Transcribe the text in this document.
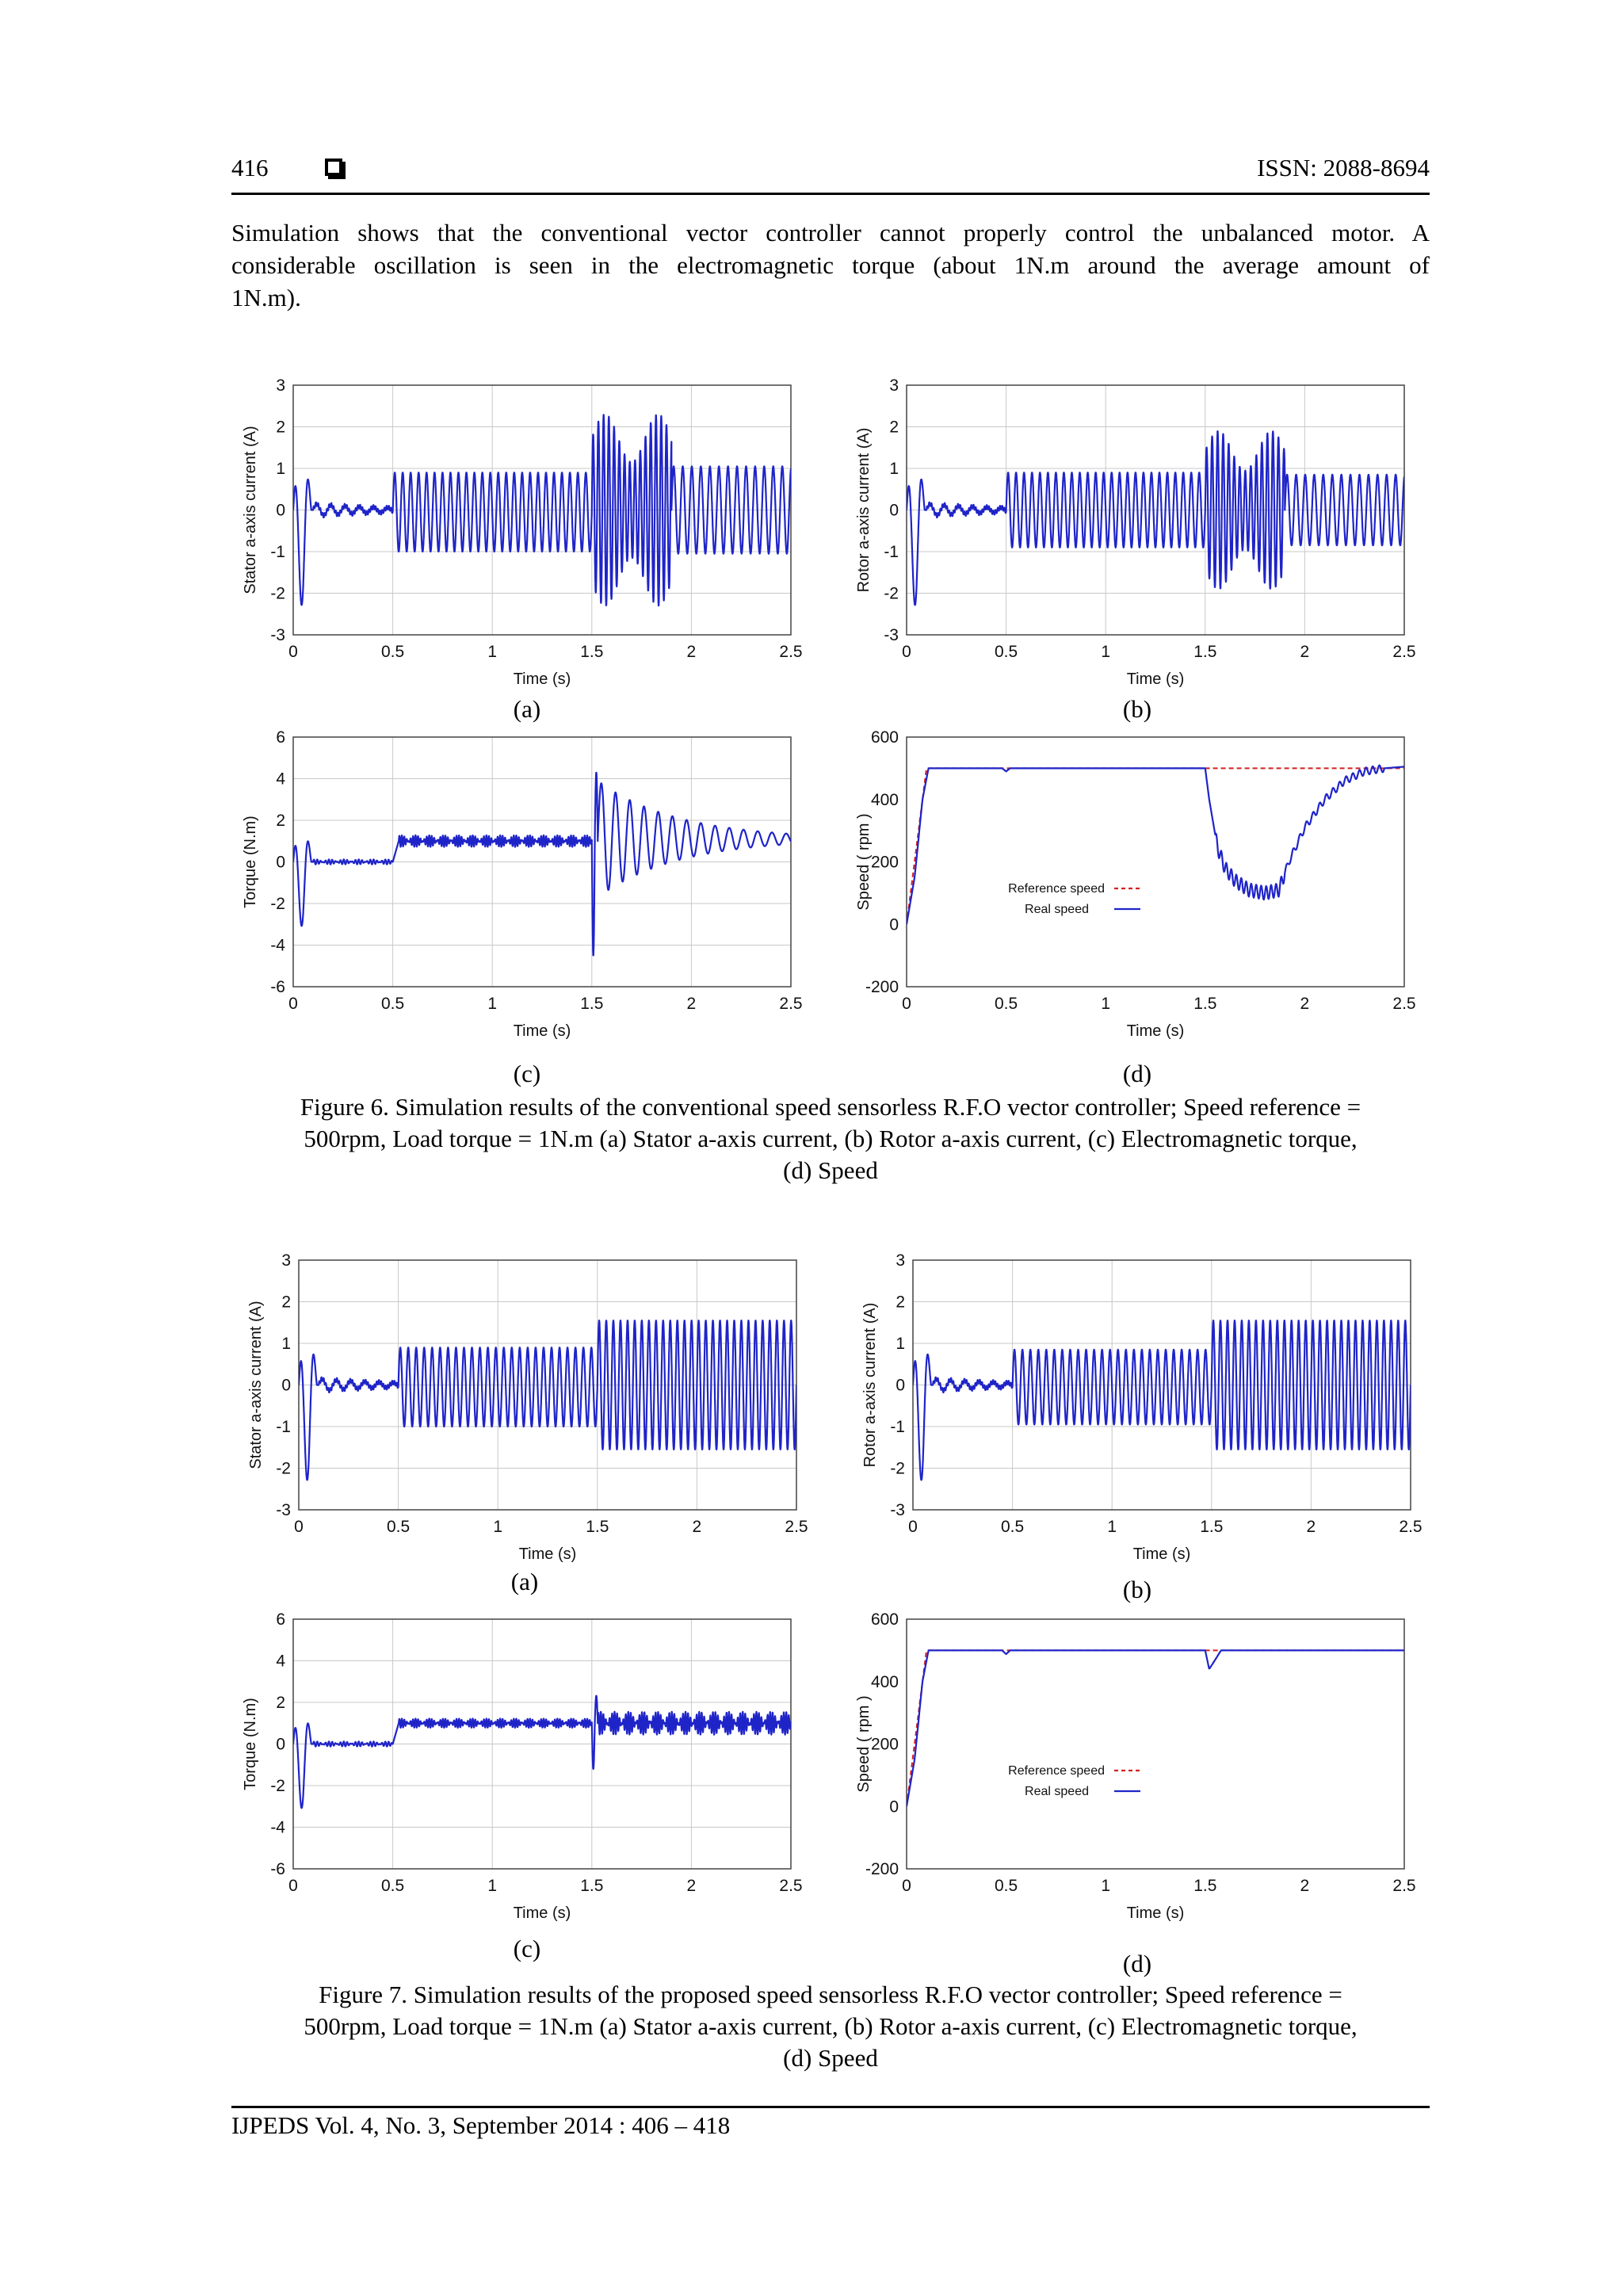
416	ISSN: 2088-8694
Simulation shows that the conventional vector controller cannot properly control the unbalanced motor. A
considerable oscillation is seen in the electromagnetic torque (about 1N.m around the average amount of
1N.m).
0	0.5	1	1.5	2	2.5
3
2
1
0
-1
-2
-3
Time (s)
Stator a-axis current (A)
0	0.5	1	1.5	2	2.5
3
2
1
0
-1
-2
-3
Time (s)
Rotor a-axis current (A)
(a)	(b)
0	0.5	1	1.5	2	2.5
6
4
2
0
-2
-4
-6
Time (s)
Torque (N.m)
0	0.5	1	1.5	2	2.5
600
400
200
0
-200
Time (s)
Speed ( rpm )	Reference speed
Real speed
(c)	(d)
Figure 6. Simulation results of the conventional speed sensorless R.F.O vector controller; Speed reference =
500rpm, Load torque = 1N.m (a) Stator a-axis current, (b) Rotor a-axis current, (c) Electromagnetic torque,
(d) Speed
0	0.5	1	1.5	2	2.5
3
2
1
0
-1
-2
-3
Time (s)
Stator a-axis current (A)
0	0.5	1	1.5	2	2.5
3
2
1
0
-1
-2
-3
Time (s)
Rotor a-axis current (A)
(a)	(b)
0	0.5	1	1.5	2	2.5
6
4
2
0
-2
-4
-6
Time (s)
Torque (N.m)
0	0.5	1	1.5	2	2.5
600
400
200
0
-200
Time (s)
Speed ( rpm )	Reference speed
Real speed
(c)
(d)
Figure 7. Simulation results of the proposed speed sensorless R.F.O vector controller; Speed reference =
500rpm, Load torque = 1N.m (a) Stator a-axis current, (b) Rotor a-axis current, (c) Electromagnetic torque,
(d) Speed
IJPEDS Vol. 4, No. 3, September 2014 : 406 – 418
